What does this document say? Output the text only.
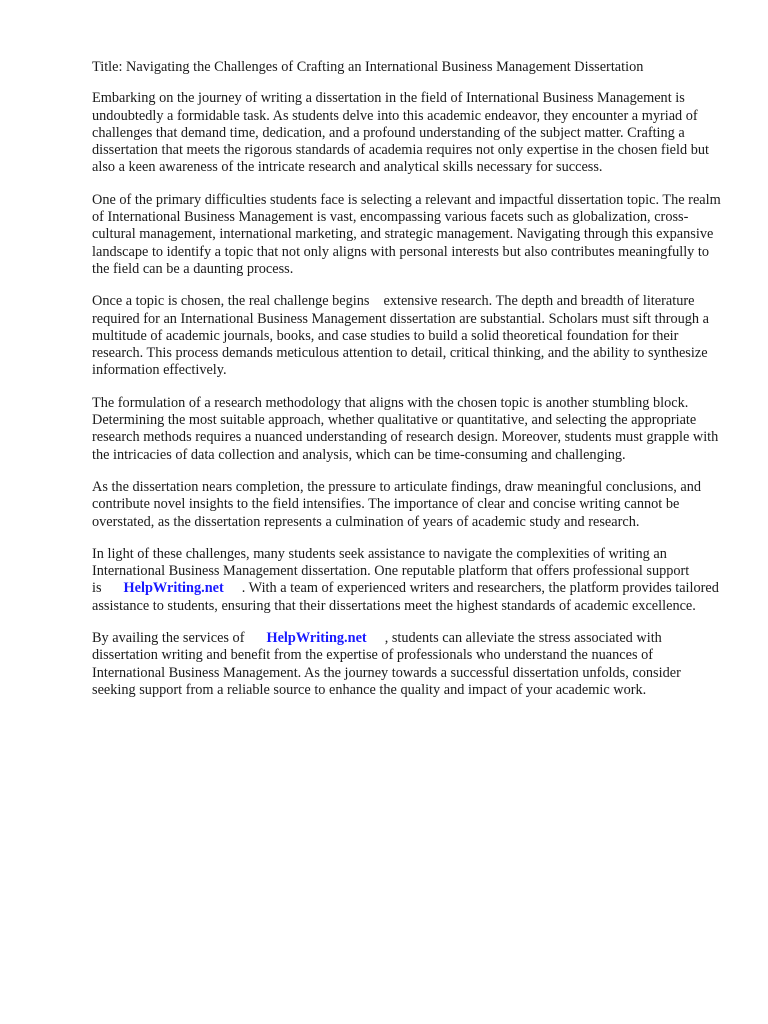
Title: Navigating the Challenges of Crafting an International Business Management Dissertation

Embarking on the journey of writing a dissertation in the field of International Business Management is undoubtedly a formidable task. As students delve into this academic endeavor, they encounter a myriad of challenges that demand time, dedication, and a profound understanding of the subject matter. Crafting a dissertation that meets the rigorous standards of academia requires not only expertise in the chosen field but also a keen awareness of the intricate research and analytical skills necessary for success.

One of the primary difficulties students face is selecting a relevant and impactful dissertation topic. The realm of International Business Management is vast, encompassing various facets such as globalization, cross-cultural management, international marketing, and strategic management. Navigating through this expansive landscape to identify a topic that not only aligns with personal interests but also contributes meaningfully to the field can be a daunting process.

Once a topic is chosen, the real challenge begins extensive research. The depth and breadth of literature required for an International Business Management dissertation are substantial. Scholars must sift through a multitude of academic journals, books, and case studies to build a solid theoretical foundation for their research. This process demands meticulous attention to detail, critical thinking, and the ability to synthesize information effectively.

The formulation of a research methodology that aligns with the chosen topic is another stumbling block. Determining the most suitable approach, whether qualitative or quantitative, and selecting the appropriate research methods requires a nuanced understanding of research design. Moreover, students must grapple with the intricacies of data collection and analysis, which can be time-consuming and challenging.

As the dissertation nears completion, the pressure to articulate findings, draw meaningful conclusions, and contribute novel insights to the field intensifies. The importance of clear and concise writing cannot be overstated, as the dissertation represents a culmination of years of academic study and research.

In light of these challenges, many students seek assistance to navigate the complexities of writing an International Business Management dissertation. One reputable platform that offers professional support is HelpWriting.net . With a team of experienced writers and researchers, the platform provides tailored assistance to students, ensuring that their dissertations meet the highest standards of academic excellence.

By availing the services of HelpWriting.net , students can alleviate the stress associated with dissertation writing and benefit from the expertise of professionals who understand the nuances of International Business Management. As the journey towards a successful dissertation unfolds, consider seeking support from a reliable source to enhance the quality and impact of your academic work.
